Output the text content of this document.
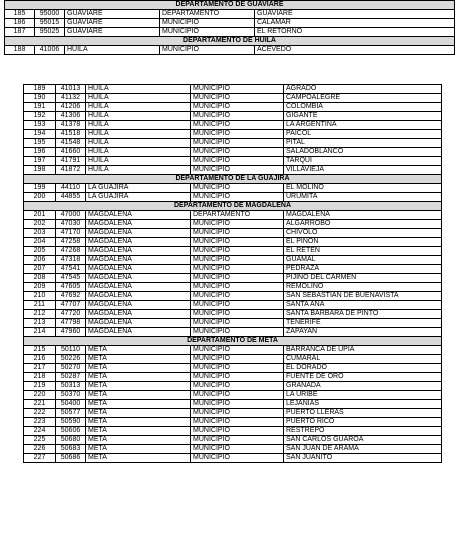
DEPARTAMENTO DE GUAVIARE				
185	95000	GUAVIARE	DEPARTAMENTO	GUAVIARE
186	95015	GUAVIARE	MUNICIPIO	CALAMAR
187	95025	GUAVIARE	MUNICIPIO	EL RETORNO
DEPARTAMENTO DE HUILA				
188	41006	HUILA	MUNICIPIO	ACEVEDO
189	41013	HUILA	MUNICIPIO	AGRADO
190	41132	HUILA	MUNICIPIO	CAMPOALEGRE
191	41206	HUILA	MUNICIPIO	COLOMBIA
192	41306	HUILA	MUNICIPIO	GIGANTE
193	41378	HUILA	MUNICIPIO	LA ARGENTINA
194	41518	HUILA	MUNICIPIO	PAICOL
195	41548	HUILA	MUNICIPIO	PITAL
196	41660	HUILA	MUNICIPIO	SALADOBLANCO
197	41791	HUILA	MUNICIPIO	TARQUI
198	41872	HUILA	MUNICIPIO	VILLAVIEJA
DEPARTAMENTO DE LA GUAJIRA				
199	44110	LA GUAJIRA	MUNICIPIO	EL MOLINO
200	44855	LA GUAJIRA	MUNICIPIO	URUMITA
DEPARTAMENTO DE MAGDALENA				
201	47000	MAGDALENA	DEPARTAMENTO	MAGDALENA
202	47030	MAGDALENA	MUNICIPIO	ALGARROBO
203	47170	MAGDALENA	MUNICIPIO	CHIVOLO
204	47258	MAGDALENA	MUNICIPIO	EL PIÑON
205	47268	MAGDALENA	MUNICIPIO	EL RETEN
206	47318	MAGDALENA	MUNICIPIO	GUAMAL
207	47541	MAGDALENA	MUNICIPIO	PEDRAZA
208	47545	MAGDALENA	MUNICIPIO	PIJIÑO DEL CARMEN
209	47605	MAGDALENA	MUNICIPIO	REMOLINO
210	47692	MAGDALENA	MUNICIPIO	SAN SEBASTIAN DE BUENAVISTA
211	47707	MAGDALENA	MUNICIPIO	SANTA ANA
212	47720	MAGDALENA	MUNICIPIO	SANTA BARBARA DE PINTO
213	47798	MAGDALENA	MUNICIPIO	TENERIFE
214	47960	MAGDALENA	MUNICIPIO	ZAPAYAN
DEPARTAMENTO DE META				
215	50110	META	MUNICIPIO	BARRANCA DE UPIA
216	50226	META	MUNICIPIO	CUMARAL
217	50270	META	MUNICIPIO	EL DORADO
218	50287	META	MUNICIPIO	FUENTE DE ORO
219	50313	META	MUNICIPIO	GRANADA
220	50370	META	MUNICIPIO	LA URIBE
221	50400	META	MUNICIPIO	LEJANIAS
222	50577	META	MUNICIPIO	PUERTO LLERAS
223	50590	META	MUNICIPIO	PUERTO RICO
224	50606	META	MUNICIPIO	RESTREPO
225	50680	META	MUNICIPIO	SAN CARLOS GUAROA
226	50683	META	MUNICIPIO	SAN JUAN DE ARAMA
227	50686	META	MUNICIPIO	SAN JUANITO
